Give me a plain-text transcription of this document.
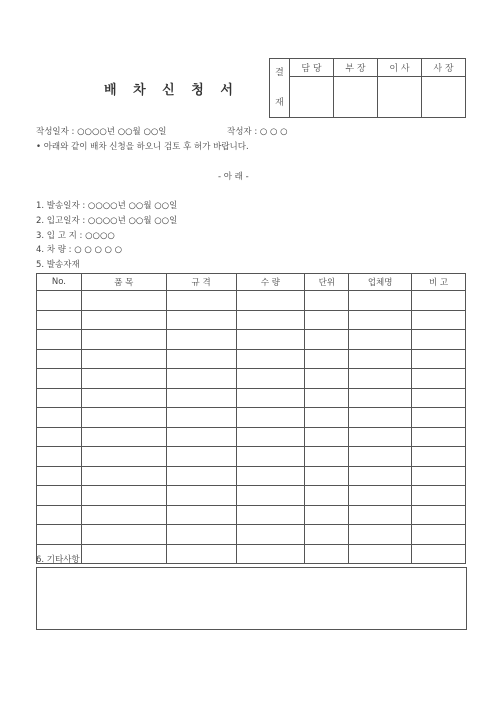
배 차 신 청 서
결
재	담 당	부 장	이 사	사 장

작성일자 : ○○○○년 ○○월 ○○일	작성자 : ○ ○ ○
• 아래와 같이 배차 신청을 하오니 검토 후 허가 바랍니다.
- 아 래 -
1. 발송일자 : ○○○○년 ○○월 ○○일
2. 입고일자 : ○○○○년 ○○월 ○○일
3. 입 고 지 : ○○○○
4. 차 량 : ○ ○ ○ ○ ○
5. 발송자재
No.	품 목	규 격	수 량	단위	업체명	비 고

6. 기타사항
